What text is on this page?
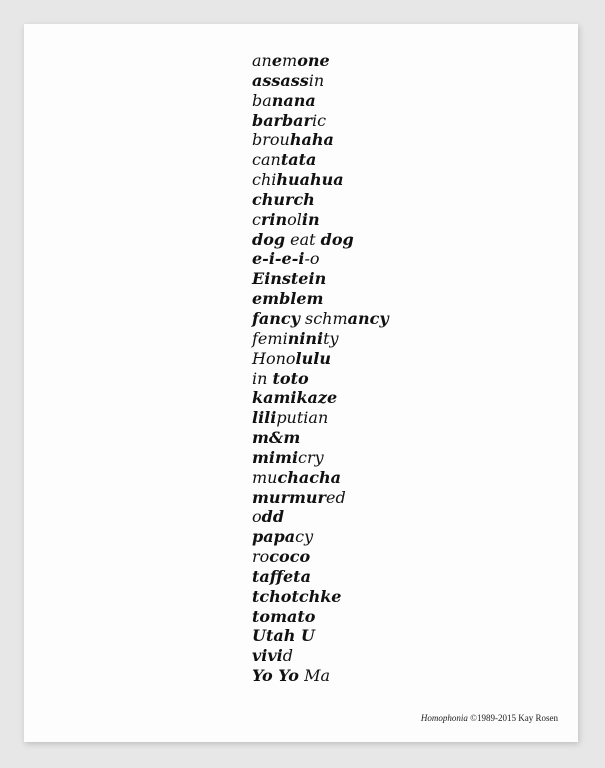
anemone
assassin
banana
barbaric
brouhaha
cantata
chihuahua
church
crinolin
dog eat dog
e-i-e-i-o
Einstein
emblem
fancy schmancy
femininity
Honolulu
in toto
kamikaze
liliputian
m&m
mimicry
muchacha
murmured
odd
papacy
rococo
taffeta
tchotchke
tomato
Utah U
vivid
Yo Yo Ma
Homophonia ©1989-2015 Kay Rosen
